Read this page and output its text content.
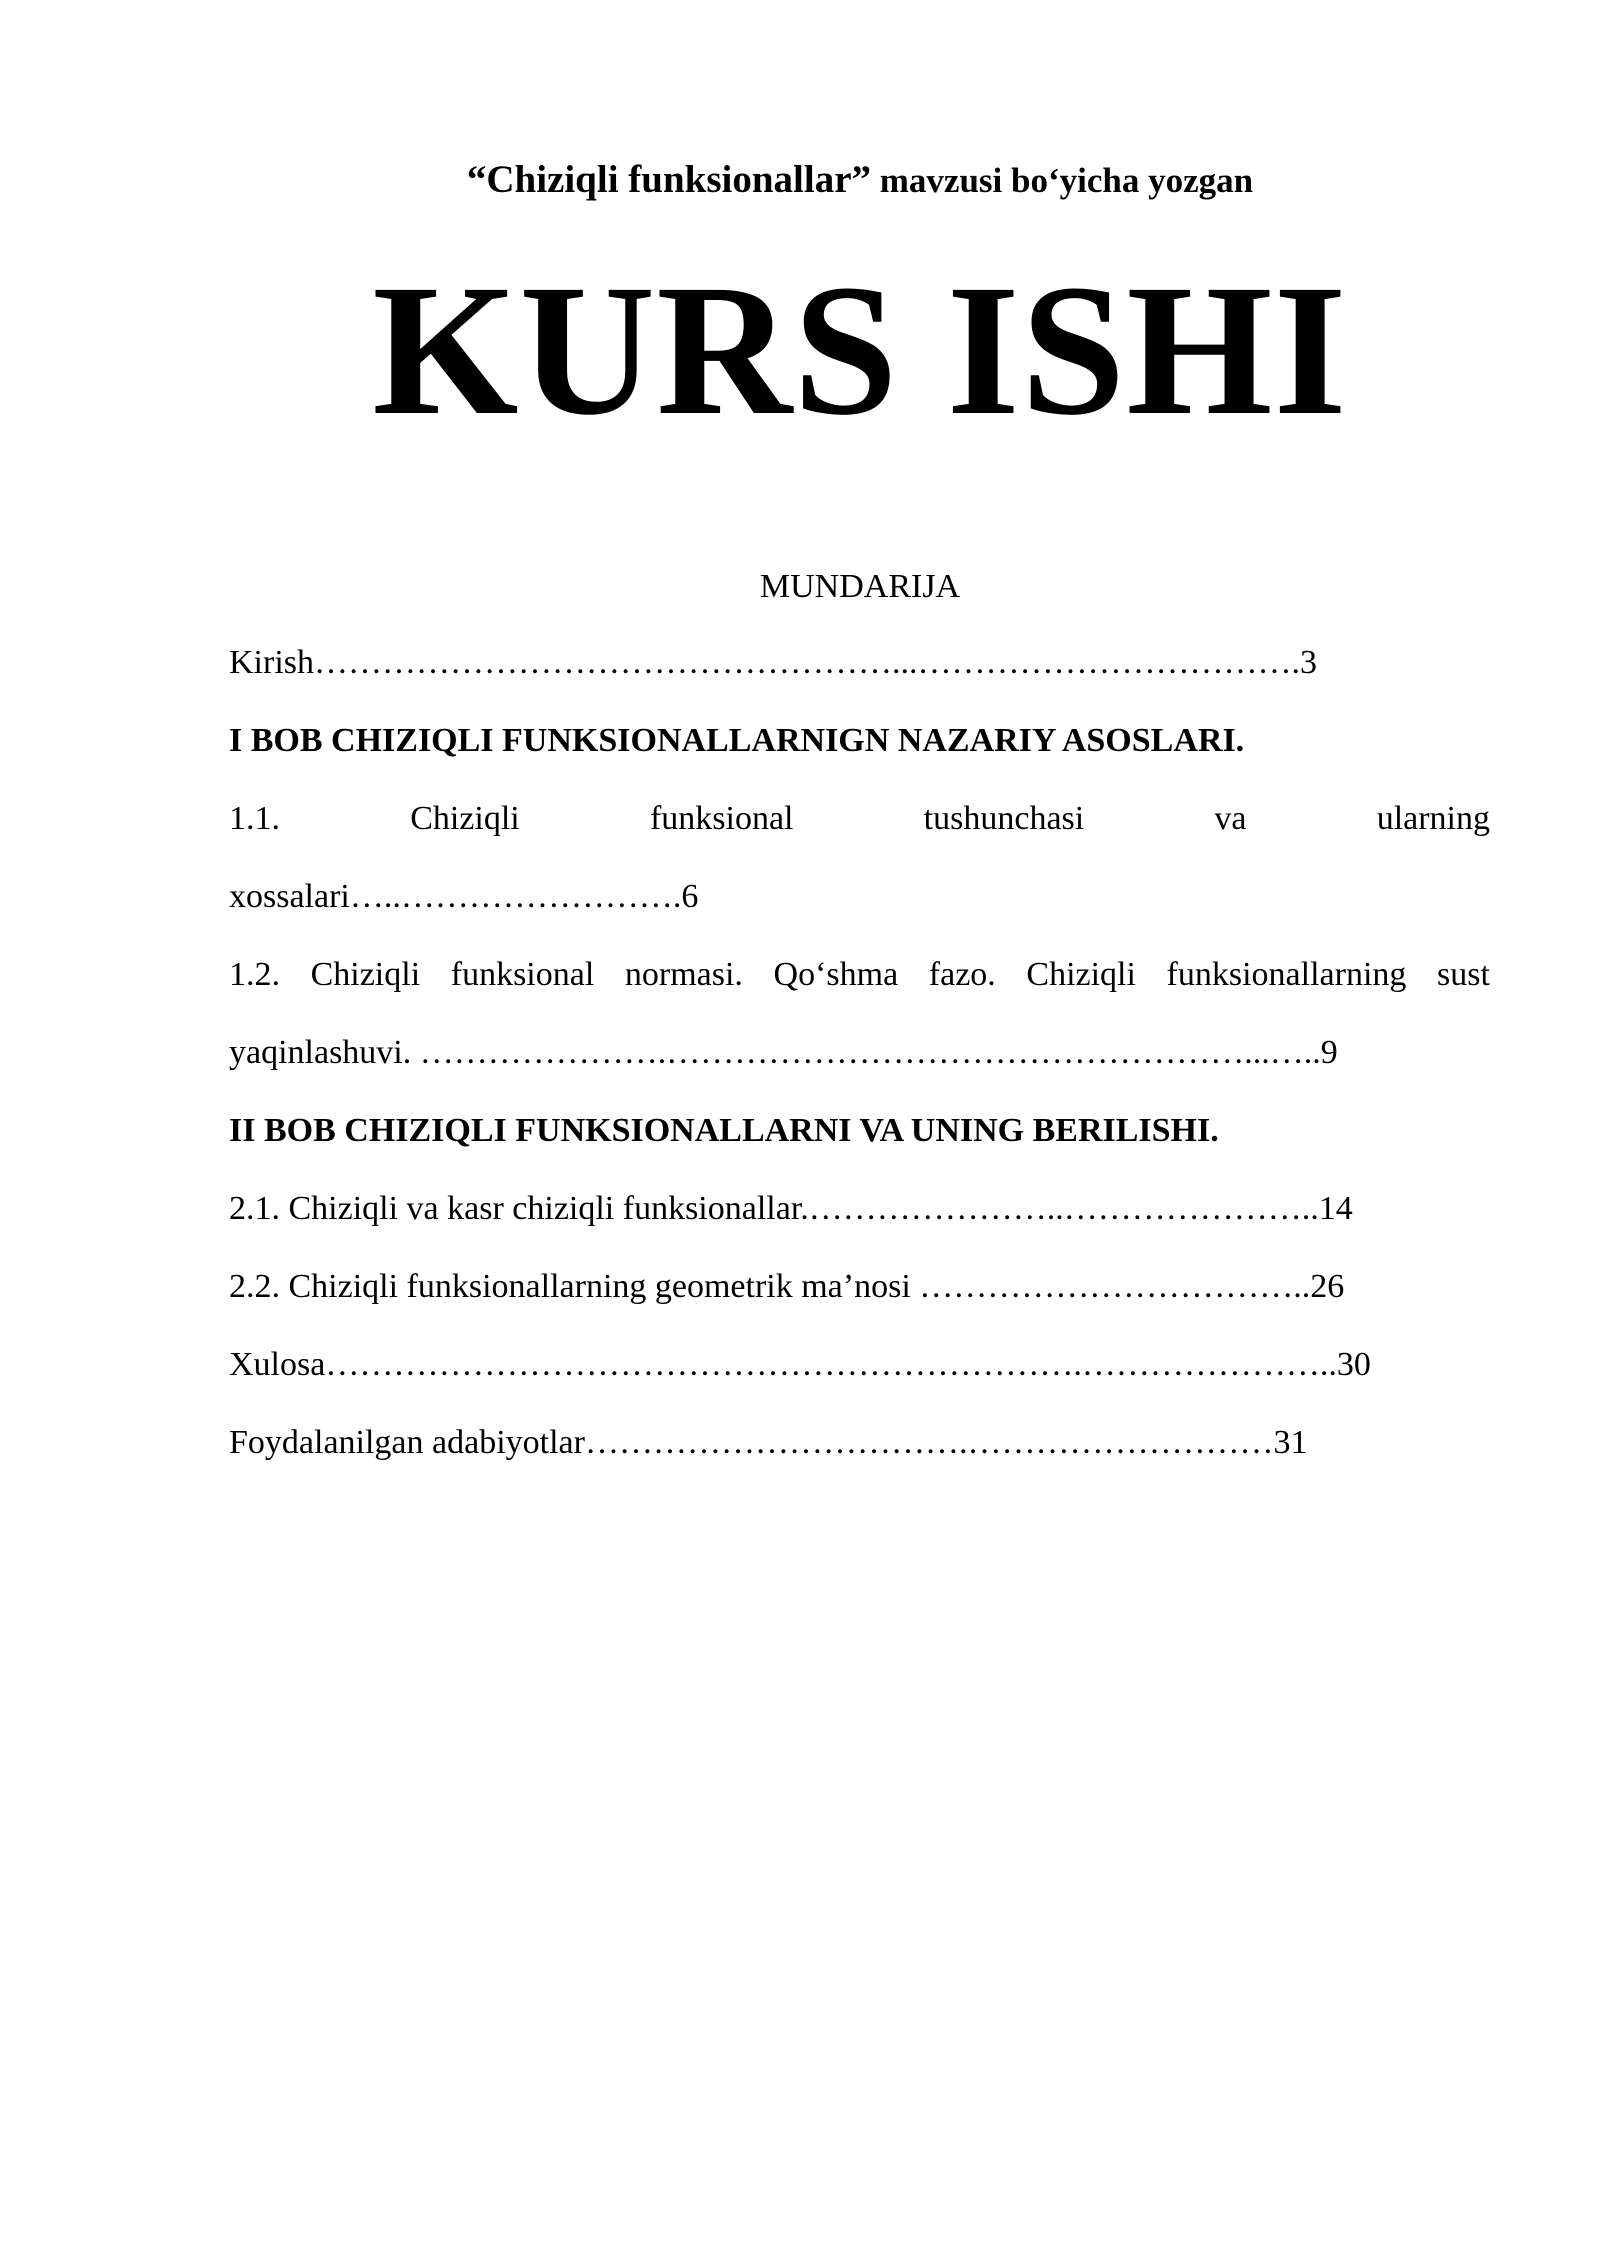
“Chiziqli funksionallar” mavzusi bo‘yicha yozgan
KURS ISHI
MUNDARIJA
Kirish……………………………………………...…………………………….3
I BOB CHIZIQLI FUNKSIONALLARNIGN NAZARIY ASOSLARI.
1.1.	Chiziqli	funksional	tushunchasi	va	ularning
xossalari…..…………………….6
1.2. Chiziqli funksional normasi. Qo‘shma fazo. Chiziqli funksionallarning sust
yaqinlashuvi. ………………….……………………………………………...…..9
II BOB CHIZIQLI FUNKSIONALLARNI VA UNING BERILISHI.
2.1. Chiziqli va kasr chiziqli funksionallar.…………………..…………………..14
2.2. Chiziqli funksionallarning geometrik ma’nosi ……………………………..26
Xulosa………………………………………………………….…………………..30
Foydalanilgan adabiyotlar…………………………….………………………31
